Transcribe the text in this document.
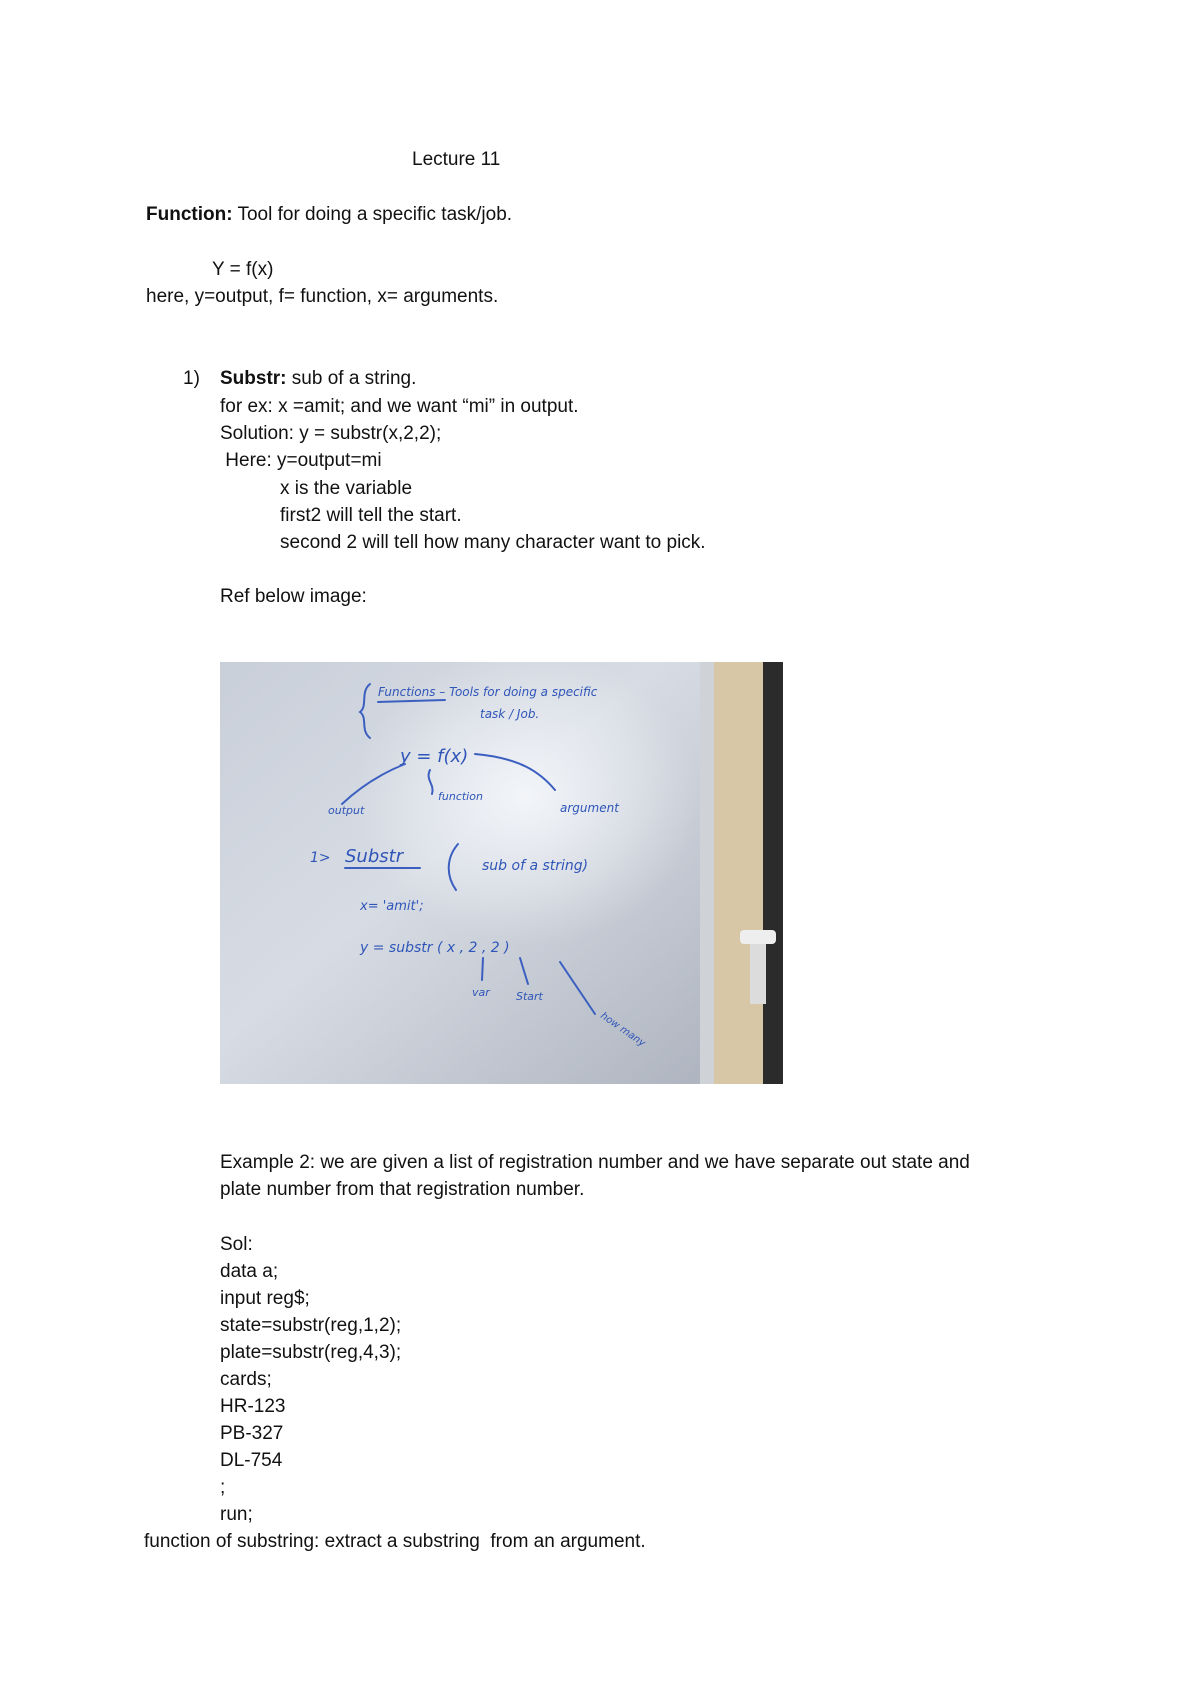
Lecture 11
Function: Tool for doing a specific task/job.
Y = f(x)
here, y=output, f= function, x= arguments.
1) Substr: sub of a string.
for ex: x =amit; and we want “mi” in output.
Solution: y = substr(x,2,2);
Here: y=output=mi
x is the variable
first2 will tell the start.
second 2 will tell how many character want to pick.
Ref below image:
Functions – Tools for doing a specific
task / Job.
y = f(x)
output
function
argument
1> Substr	sub of a string)
x= 'amit';
y = substr ( x , 2 , 2 )
var Start
how many
Example 2: we are given a list of registration number and we have separate out state and
plate number from that registration number.
Sol:
data a;
input reg$;
state=substr(reg,1,2);
plate=substr(reg,4,3);
cards;
HR-123
PB-327
DL-754
;
run;
function of substring: extract a substring  from an argument.
